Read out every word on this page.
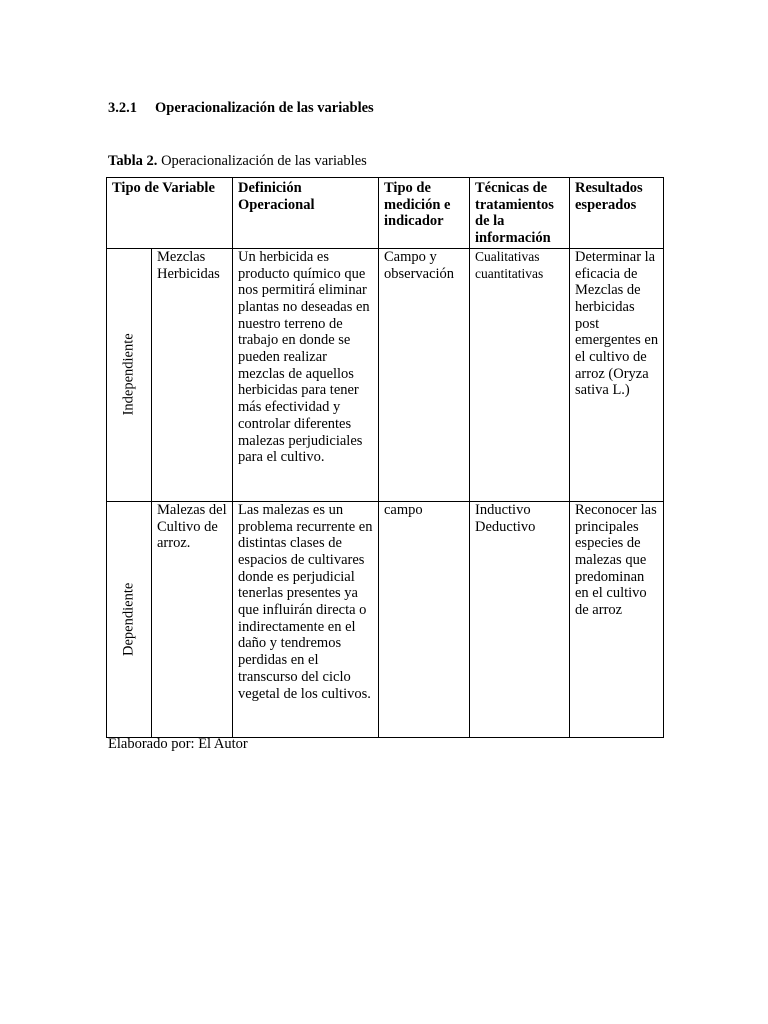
3.2.1 Operacionalización de las variables
Tabla 2. Operacionalización de las variables
Tipo de Variable		Definición Operacional	Tipo de medición e indicador	Técnicas de tratamientos de la información	Resultados esperados

Independiente	Mezclas Herbicidas	Un herbicida es producto químico que nos permitirá eliminar plantas no deseadas en nuestro terreno de trabajo en donde se pueden realizar mezclas de aquellos herbicidas para tener más efectividad y controlar diferentes malezas perjudiciales para el cultivo.	Campo y observación	Cualitativas cuantitativas	Determinar la eficacia de Mezclas de herbicidas post emergentes en el cultivo de arroz (Oryza sativa L.)

Dependiente	Malezas del Cultivo de arroz.	Las malezas es un problema recurrente en distintas clases de espacios de cultivares donde es perjudicial tenerlas presentes ya que influirán directa o indirectamente en el daño y tendremos perdidas en el transcurso del ciclo vegetal de los cultivos.	campo	Inductivo Deductivo	Reconocer las principales especies de malezas que predominan en el cultivo de arroz
Elaborado por: El Autor
